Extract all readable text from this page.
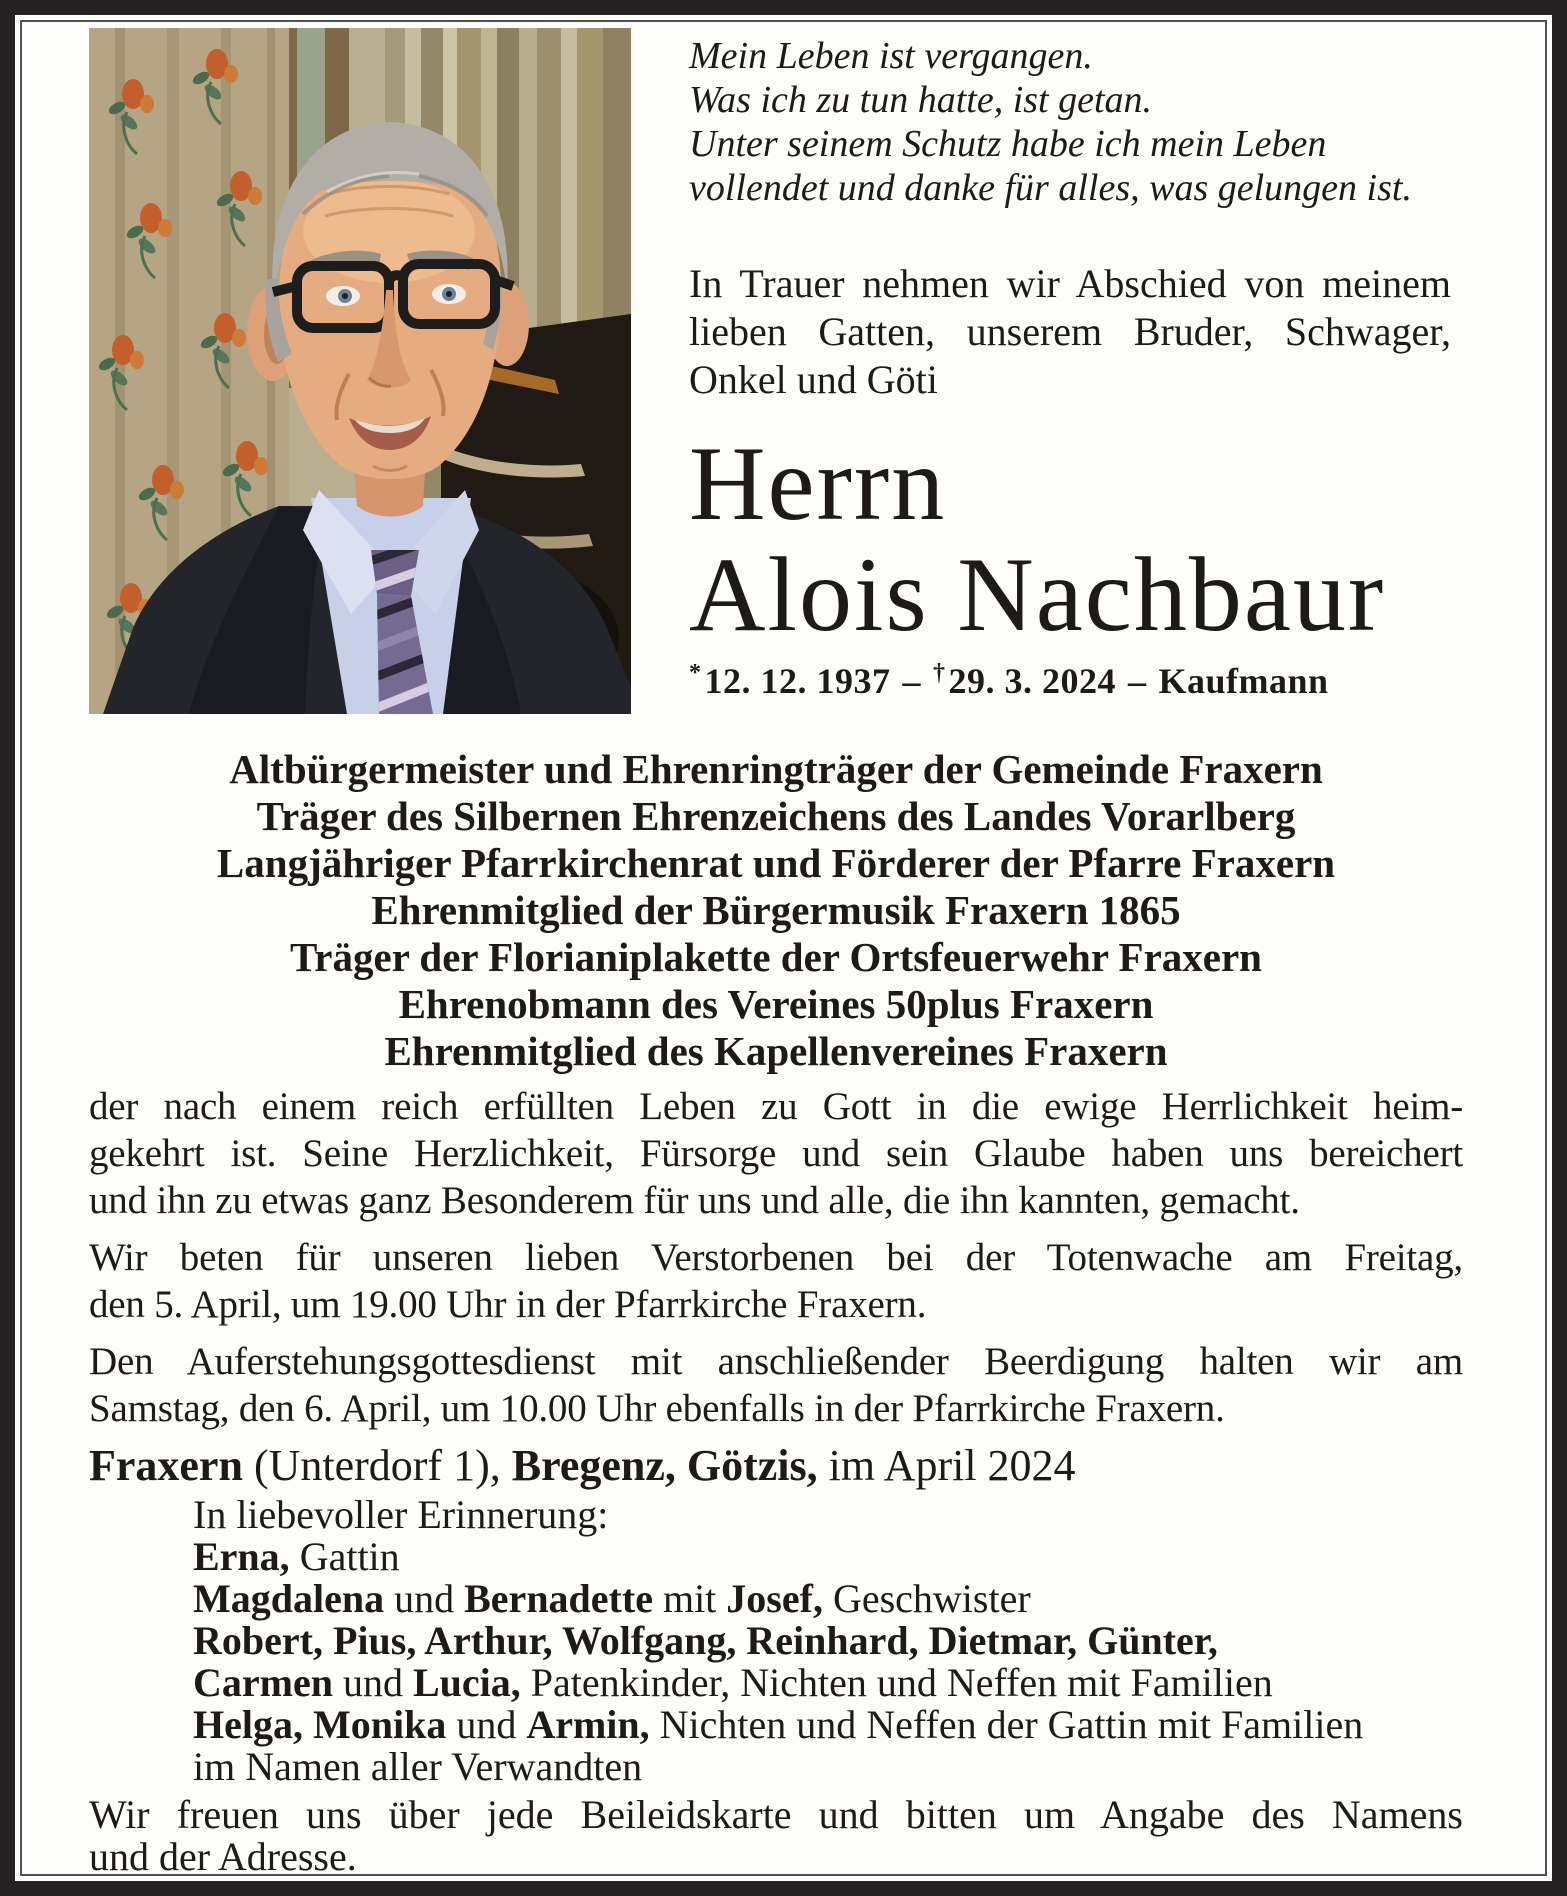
Mein Leben ist vergangen.
Was ich zu tun hatte, ist getan.
Unter seinem Schutz habe ich mein Leben
vollendet und danke für alles, was gelungen ist.
In Trauer nehmen wir Abschied von meinem
lieben Gatten, unserem Bruder, Schwager,
Onkel und Göti
Herrn
Alois Nachbaur
*12. 12. 1937 – †29. 3. 2024 – Kaufmann
Altbürgermeister und Ehrenringträger der Gemeinde Fraxern
Träger des Silbernen Ehrenzeichens des Landes Vorarlberg
Langjähriger Pfarrkirchenrat und Förderer der Pfarre Fraxern
Ehrenmitglied der Bürgermusik Fraxern 1865
Träger der Florianiplakette der Ortsfeuerwehr Fraxern
Ehrenobmann des Vereines 50plus Fraxern
Ehrenmitglied des Kapellenvereines Fraxern
der nach einem reich erfüllten Leben zu Gott in die ewige Herrlichkeit heim-
gekehrt ist. Seine Herzlichkeit, Fürsorge und sein Glaube haben uns bereichert
und ihn zu etwas ganz Besonderem für uns und alle, die ihn kannten, gemacht.
Wir beten für unseren lieben Verstorbenen bei der Totenwache am Freitag,
den 5. April, um 19.00 Uhr in der Pfarrkirche Fraxern.
Den Auferstehungsgottesdienst mit anschließender Beerdigung halten wir am
Samstag, den 6. April, um 10.00 Uhr ebenfalls in der Pfarrkirche Fraxern.
Fraxern (Unterdorf 1), Bregenz, Götzis, im April 2024
In liebevoller Erinnerung:
Erna, Gattin
Magdalena und Bernadette mit Josef, Geschwister
Robert, Pius, Arthur, Wolfgang, Reinhard, Dietmar, Günter,
Carmen und Lucia, Patenkinder, Nichten und Neffen mit Familien
Helga, Monika und Armin, Nichten und Neffen der Gattin mit Familien
im Namen aller Verwandten
Wir freuen uns über jede Beileidskarte und bitten um Angabe des Namens
und der Adresse.
